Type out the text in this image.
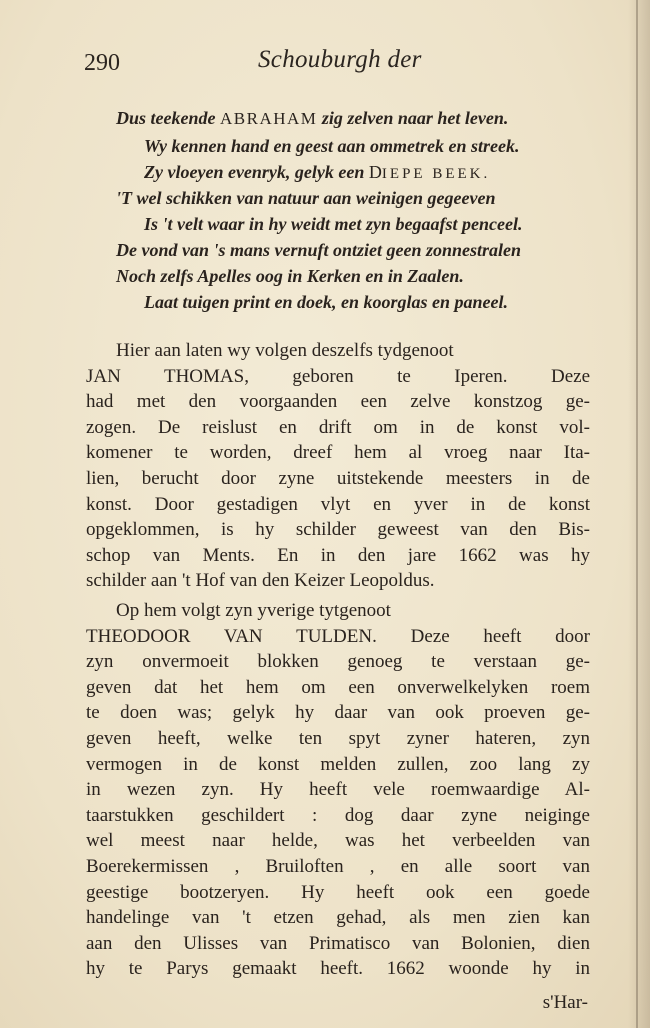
290	Schouburgh der
Dus teekende ABRAHAM zig zelven naar het leven.
Wy kennen hand en geest aan ommetrek en streek.
Zy vloeyen evenryk, gelyk een DIEPE BEEK.
'T wel schikken van natuur aan weinigen gegeeven
Is 't velt waar in hy weidt met zyn begaafst penceel.
De vond van 's mans vernuft ontziet geen zonnestralen
Noch zelfs Apelles oog in Kerken en in Zaalen.
Laat tuigen print en doek, en koorglas en paneel.
Hier aan laten wy volgen deszelfs tydgenoot
JAN THOMAS, geboren te Iperen. Deze
had met den voorgaanden een zelve konstzog ge-
zogen. De reislust en drift om in de konst vol-
komener te worden, dreef hem al vroeg naar Ita-
lien, berucht door zyne uitstekende meesters in de
konst. Door gestadigen vlyt en yver in de konst
opgeklommen, is hy schilder geweest van den Bis-
schop van Ments. En in den jare 1662 was hy
schilder aan 't Hof van den Keizer Leopoldus.
Op hem volgt zyn yverige tytgenoot
THEODOOR VAN TULDEN. Deze heeft door
zyn onvermoeit blokken genoeg te verstaan ge-
geven dat het hem om een onverwelkelyken roem
te doen was; gelyk hy daar van ook proeven ge-
geven heeft, welke ten spyt zyner hateren, zyn
vermogen in de konst melden zullen, zoo lang zy
in wezen zyn. Hy heeft vele roemwaardige Al-
taarstukken geschildert : dog daar zyne neiginge
wel meest naar helde, was het verbeelden van
Boerekermissen , Bruiloften , en alle soort van
geestige bootzeryen. Hy heeft ook een goede
handelinge van 't etzen gehad, als men zien kan
aan den Ulisses van Primatisco van Bolonien, dien
hy te Parys gemaakt heeft. 1662 woonde hy in
s'Har-
